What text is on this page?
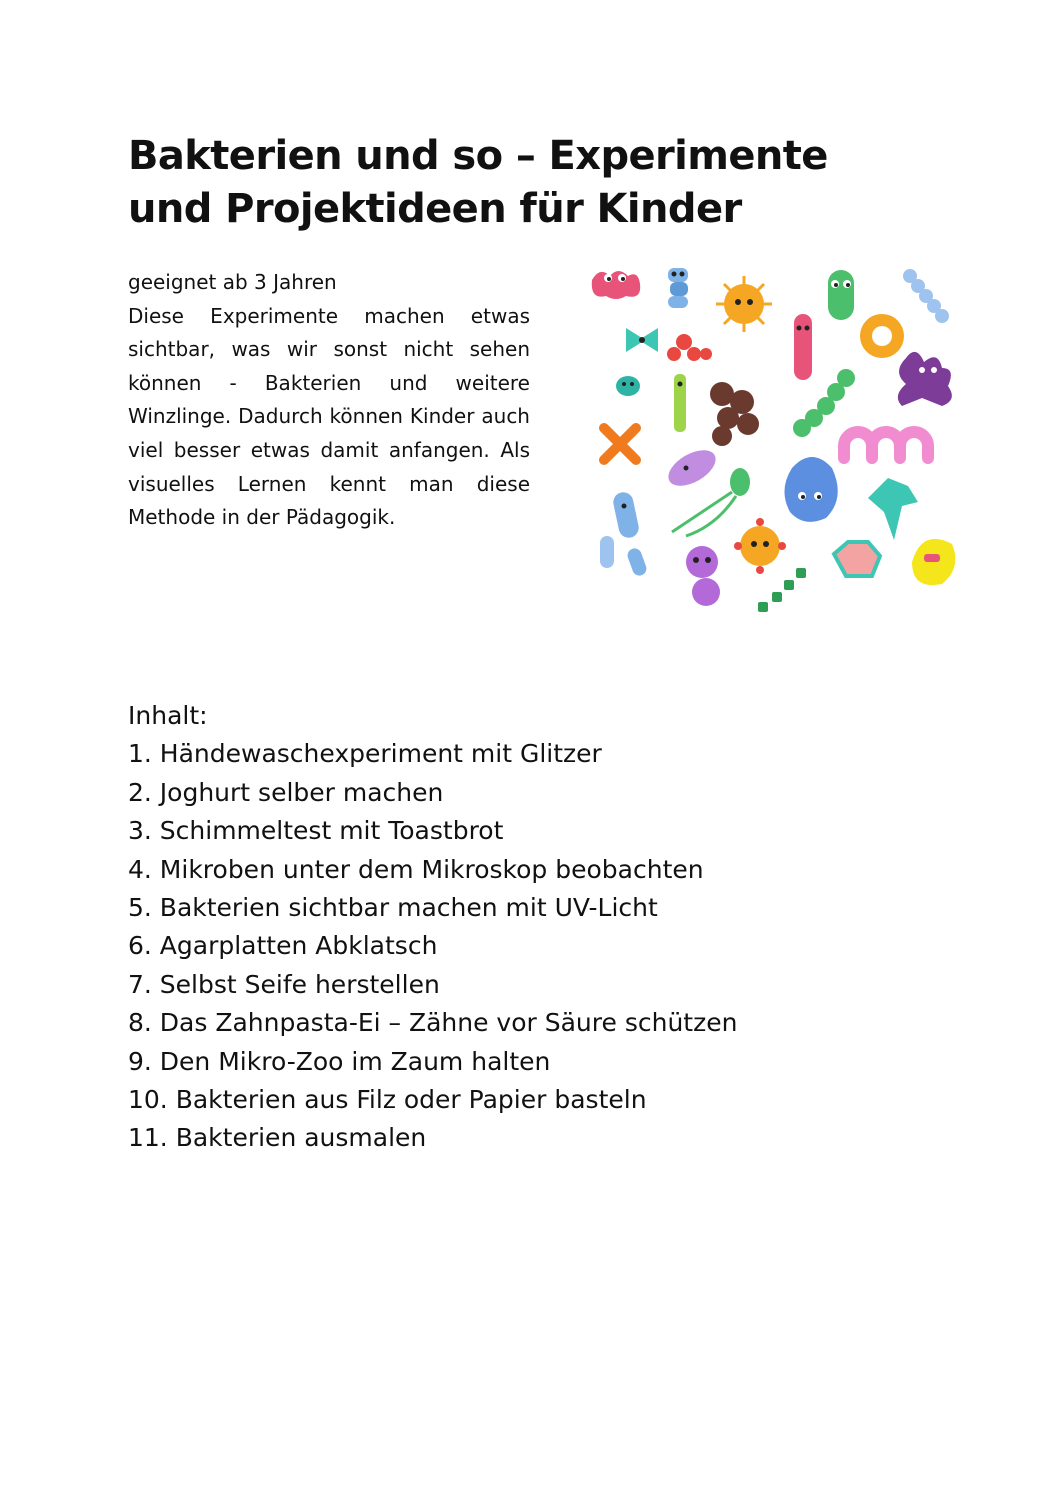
Bakterien und so – Experimente und Projektideen für Kinder

geeignet ab 3 Jahren

Diese Experimente machen etwas sichtbar, was wir sonst nicht sehen können - Bakterien und weitere Winzlinge. Dadurch können Kinder auch viel besser etwas damit anfangen. Als visuelles Lernen kennt man diese Methode in der Pädagogik.

Inhalt:
1. Händewaschexperiment mit Glitzer
2. Joghurt selber machen
3. Schimmeltest mit Toastbrot
4. Mikroben unter dem Mikroskop beobachten
5. Bakterien sichtbar machen mit UV-Licht
6. Agarplatten Abklatsch
7. Selbst Seife herstellen
8. Das Zahnpasta-Ei – Zähne vor Säure schützen
9. Den Mikro-Zoo im Zaum halten
10. Bakterien aus Filz oder Papier basteln
11. Bakterien ausmalen
